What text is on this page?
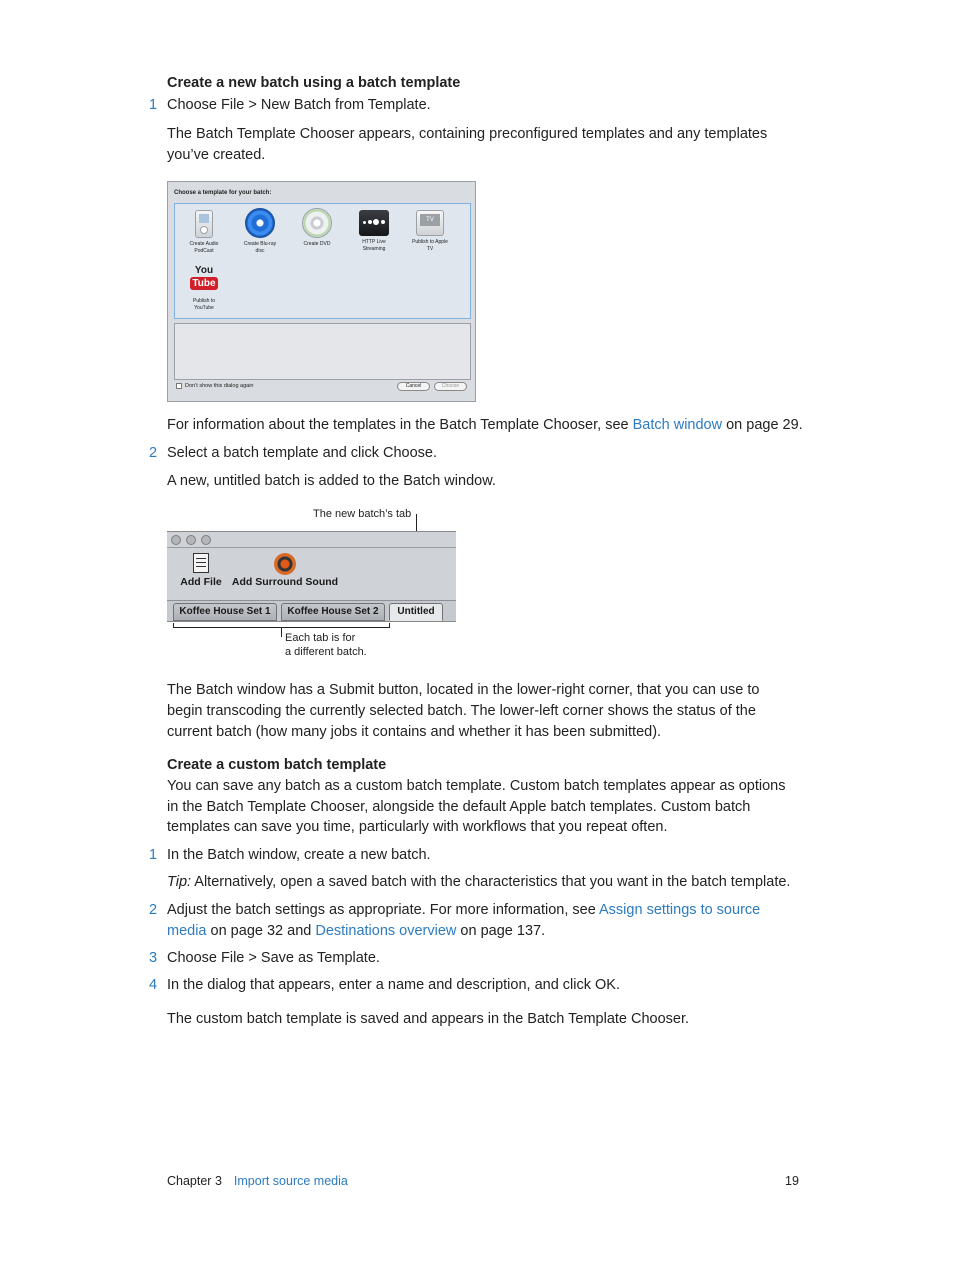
Create a new batch using a batch template
1 Choose File > New Batch from Template.
The Batch Template Chooser appears, containing preconfigured templates and any templates
you’ve created.
Choose a template for your batch:
Create Audio
PodCast
Create Blu-ray
disc
Create DVD	HTTP Live
Streaming
TV
Publish to Apple
TV
You
Tube
Publish to
YouTube
Don’t show this dialog again	Cancel	Choose
For information about the templates in the Batch Template Chooser, see Batch window on page 29.
2 Select a batch template and click Choose.
A new, untitled batch is added to the Batch window.
The new batch’s tab
Add File Add Surround Sound
Koffee House Set 1	Koffee House Set 2	Untitled
Each tab is for
a different batch.
The Batch window has a Submit button, located in the lower-right corner, that you can use to
begin transcoding the currently selected batch. The lower-left corner shows the status of the
current batch (how many jobs it contains and whether it has been submitted).
Create a custom batch template
You can save any batch as a custom batch template. Custom batch templates appear as options
in the Batch Template Chooser, alongside the default Apple batch templates. Custom batch
templates can save you time, particularly with workflows that you repeat often.
1 In the Batch window, create a new batch.
Tip: Alternatively, open a saved batch with the characteristics that you want in the batch template.
2 Adjust the batch settings as appropriate. For more information, see Assign settings to source
media on page 32 and Destinations overview on page 137.
3 Choose File > Save as Template.
4 In the dialog that appears, enter a name and description, and click OK.
The custom batch template is saved and appears in the Batch Template Chooser.
Chapter 3 Import source media	19
